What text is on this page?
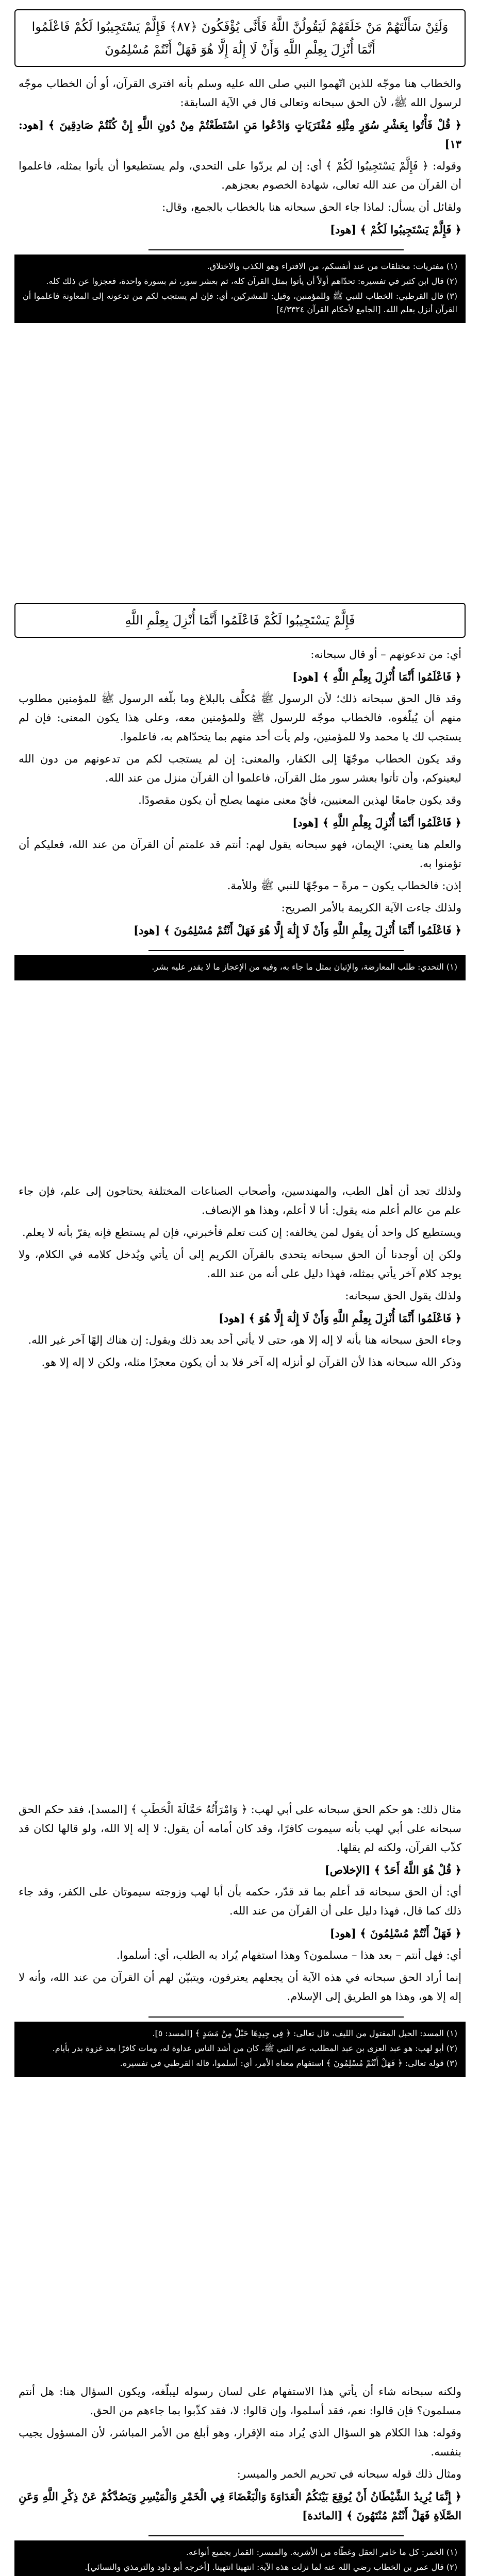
وَلَئِنْ سَأَلْتَهُمْ مَنْ خَلَقَهُمْ لَيَقُولُنَّ اللَّهُ فَأَنَّى يُؤْفَكُونَ ﴿٨٧﴾ فَإِلَّمْ يَسْتَجِيبُوا لَكُمْ فَاعْلَمُوا أَنَّمَا أُنْزِلَ بِعِلْمِ اللَّهِ وَأَنْ لَا إِلَٰهَ إِلَّا هُوَ فَهَلْ أَنْتُمْ مُسْلِمُونَ

والخطاب هنا موجّه للذين اتّهموا النبي صلى الله عليه وسلم بأنه افترى القرآن، أو أن الخطاب موجّه لرسول الله ﷺ، لأن الحق سبحانه وتعالى قال في الآية السابقة:

﴿ قُلْ فَأْتُوا بِعَشْرِ سُوَرٍ مِثْلِهِ مُفْتَرَيَاتٍ وَادْعُوا مَنِ اسْتَطَعْتُمْ مِنْ دُونِ اللَّهِ إِنْ كُنْتُمْ صَادِقِينَ ﴾ [هود: ١٣]

وقوله: ﴿ فَإِلَّمْ يَسْتَجِيبُوا لَكُمْ ﴾ أي: إن لم يردّوا على التحدي، ولم يستطيعوا أن يأتوا بمثله، فاعلموا أن القرآن من عند الله تعالى، شهادة الخصوم بعجزهم.

ولقائل أن يسأل: لماذا جاء الحق سبحانه هنا بالخطاب بالجمع، وقال:

﴿ فَإِلَّمْ يَسْتَجِيبُوا لَكُمْ ﴾ [هود]

(١) مفتريات: مختلقات من عند أنفسكم، من الافتراء وهو الكذب والاختلاق.

(٢) قال ابن كثير في تفسيره: تحدّاهم أولاً أن يأتوا بمثل القرآن كله، ثم بعشر سور، ثم بسورة واحدة، فعجزوا عن ذلك كله.

(٣) قال القرطبي: الخطاب للنبي ﷺ وللمؤمنين، وقيل: للمشركين، أي: فإن لم يستجب لكم من تدعونه إلى المعاونة فاعلموا أن القرآن أنزل بعلم الله. [الجامع لأحكام القرآن ٤/٣٣٢٤]

فَإِلَّمْ يَسْتَجِيبُوا لَكُمْ فَاعْلَمُوا أَنَّمَا أُنْزِلَ بِعِلْمِ اللَّهِ

أي: من تدعونهم – أو قال سبحانه:

﴿ فَاعْلَمُوا أَنَّمَا أُنْزِلَ بِعِلْمِ اللَّهِ ﴾ [هود]

وقد قال الحق سبحانه ذلك؛ لأن الرسول ﷺ مُكلَّف بالبلاغ وما بلّغه الرسول ﷺ للمؤمنين مطلوب منهم أن يُبلّغوه، فالخطاب موجّه للرسول ﷺ وللمؤمنين معه، وعلى هذا يكون المعنى: فإن لم يستجب لك يا محمد ولا للمؤمنين، ولم يأت أحد منهم بما يتحدّاهم به، فاعلموا.

وقد يكون الخطاب موجّهًا إلى الكفار، والمعنى: إن لم يستجب لكم من تدعونهم من دون الله ليعينوكم، وأن تأتوا بعشر سور مثل القرآن، فاعلموا أن القرآن منزل من عند الله.

وقد يكون جامعًا لهذين المعنيين، فأيّ معنى منهما يصلح أن يكون مقصودًا.

﴿ فَاعْلَمُوا أَنَّمَا أُنْزِلَ بِعِلْمِ اللَّهِ ﴾ [هود]

والعلم هنا يعني: الإيمان، فهو سبحانه يقول لهم: أنتم قد علمتم أن القرآن من عند الله، فعليكم أن تؤمنوا به.

إذن: فالخطاب يكون – مرةً – موجّهًا للنبي ﷺ وللأمة.

ولذلك جاءت الآية الكريمة بالأمر الصريح:

﴿ فَاعْلَمُوا أَنَّمَا أُنْزِلَ بِعِلْمِ اللَّهِ وَأَنْ لَا إِلَٰهَ إِلَّا هُوَ فَهَلْ أَنْتُمْ مُسْلِمُونَ ﴾ [هود]

(١) التحدي: طلب المعارضة، والإتيان بمثل ما جاء به، وفيه من الإعجاز ما لا يقدر عليه بشر.

ولذلك تجد أن أهل الطب، والمهندسين، وأصحاب الصناعات المختلفة يحتاجون إلى علم، فإن جاء علم من عالم أعلم منه يقول: أنا لا أعلم، وهذا هو الإنصاف.

ويستطيع كل واحد أن يقول لمن يخالفه: إن كنت تعلم فأخبرني، فإن لم يستطع فإنه يقرّ بأنه لا يعلم.

ولكن إن أوجدنا أن الحق سبحانه يتحدى بالقرآن الكريم إلى أن يأتي ويُدخل كلامه في الكلام، ولا يوجد كلام آخر يأتي بمثله، فهذا دليل على أنه من عند الله.

ولذلك يقول الحق سبحانه:

﴿ فَاعْلَمُوا أَنَّمَا أُنْزِلَ بِعِلْمِ اللَّهِ وَأَنْ لَا إِلَٰهَ إِلَّا هُوَ ﴾ [هود]

وجاء الحق سبحانه هنا بأنه لا إله إلا هو، حتى لا يأتي أحد بعد ذلك ويقول: إن هناك إلهًا آخر غير الله.

وذكر الله سبحانه هذا لأن القرآن لو أنزله إله آخر فلا بد أن يكون معجزًا مثله، ولكن لا إله إلا هو.

مثال ذلك: هو حكم الحق سبحانه على أبي لهب: ﴿ وَامْرَأَتُهُ حَمَّالَةَ الْحَطَبِ ﴾ [المسد]، فقد حكم الحق سبحانه على أبي لهب بأنه سيموت كافرًا، وقد كان أمامه أن يقول: لا إله إلا الله، ولو قالها لكان قد كذّب القرآن، ولكنه لم يقلها.

﴿ قُلْ هُوَ اللَّهُ أَحَدٌ ﴾ [الإخلاص]

أي: أن الحق سبحانه قد أعلم بما قد قدّر، حكمه بأن أبا لهب وزوجته سيموتان على الكفر، وقد جاء ذلك كما قال، فهذا دليل على أن القرآن من عند الله.

﴿ فَهَلْ أَنْتُمْ مُسْلِمُونَ ﴾ [هود]

أي: فهل أنتم – بعد هذا – مسلمون؟ وهذا استفهام يُراد به الطلب، أي: أسلموا.

إنما أراد الحق سبحانه في هذه الآية أن يجعلهم يعترفون، ويتبيّن لهم أن القرآن من عند الله، وأنه لا إله إلا هو، وهذا هو الطريق إلى الإسلام.

(١) المسد: الحبل المفتول من الليف، قال تعالى: ﴿ فِي جِيدِهَا حَبْلٌ مِنْ مَسَدٍ ﴾ [المسد: ٥].

(٢) أبو لهب: هو عبد العزى بن عبد المطلب، عم النبي ﷺ، كان من أشد الناس عداوة له، ومات كافرًا بعد غزوة بدر بأيام.

(٣) قوله تعالى: ﴿ فَهَلْ أَنْتُمْ مُسْلِمُونَ ﴾ استفهام معناه الأمر، أي: أسلموا، قاله القرطبي في تفسيره.

ولكنه سبحانه شاء أن يأتي هذا الاستفهام على لسان رسوله ليبلّغه، ويكون السؤال هنا: هل أنتم مسلمون؟ فإن قالوا: نعم، فقد أسلموا، وإن قالوا: لا، فقد كذّبوا بما جاءهم من الحق.

وقوله: هذا الكلام هو السؤال الذي يُراد منه الإقرار، وهو أبلغ من الأمر المباشر، لأن المسؤول يجيب بنفسه.

ومثال ذلك قوله سبحانه في تحريم الخمر والميسر:

﴿ إِنَّمَا يُرِيدُ الشَّيْطَانُ أَنْ يُوقِعَ بَيْنَكُمُ الْعَدَاوَةَ وَالْبَغْضَاءَ فِي الْخَمْرِ وَالْمَيْسِرِ وَيَصُدَّكُمْ عَنْ ذِكْرِ اللَّهِ وَعَنِ الصَّلَاةِ فَهَلْ أَنْتُمْ مُنْتَهُونَ ﴾ [المائدة]

(١) الخمر: كل ما خامر العقل وغطّاه من الأشربة. والميسر: القمار بجميع أنواعه.

(٢) قال عمر بن الخطاب رضي الله عنه لما نزلت هذه الآية: انتهينا انتهينا. [أخرجه أبو داود والترمذي والنسائي].
